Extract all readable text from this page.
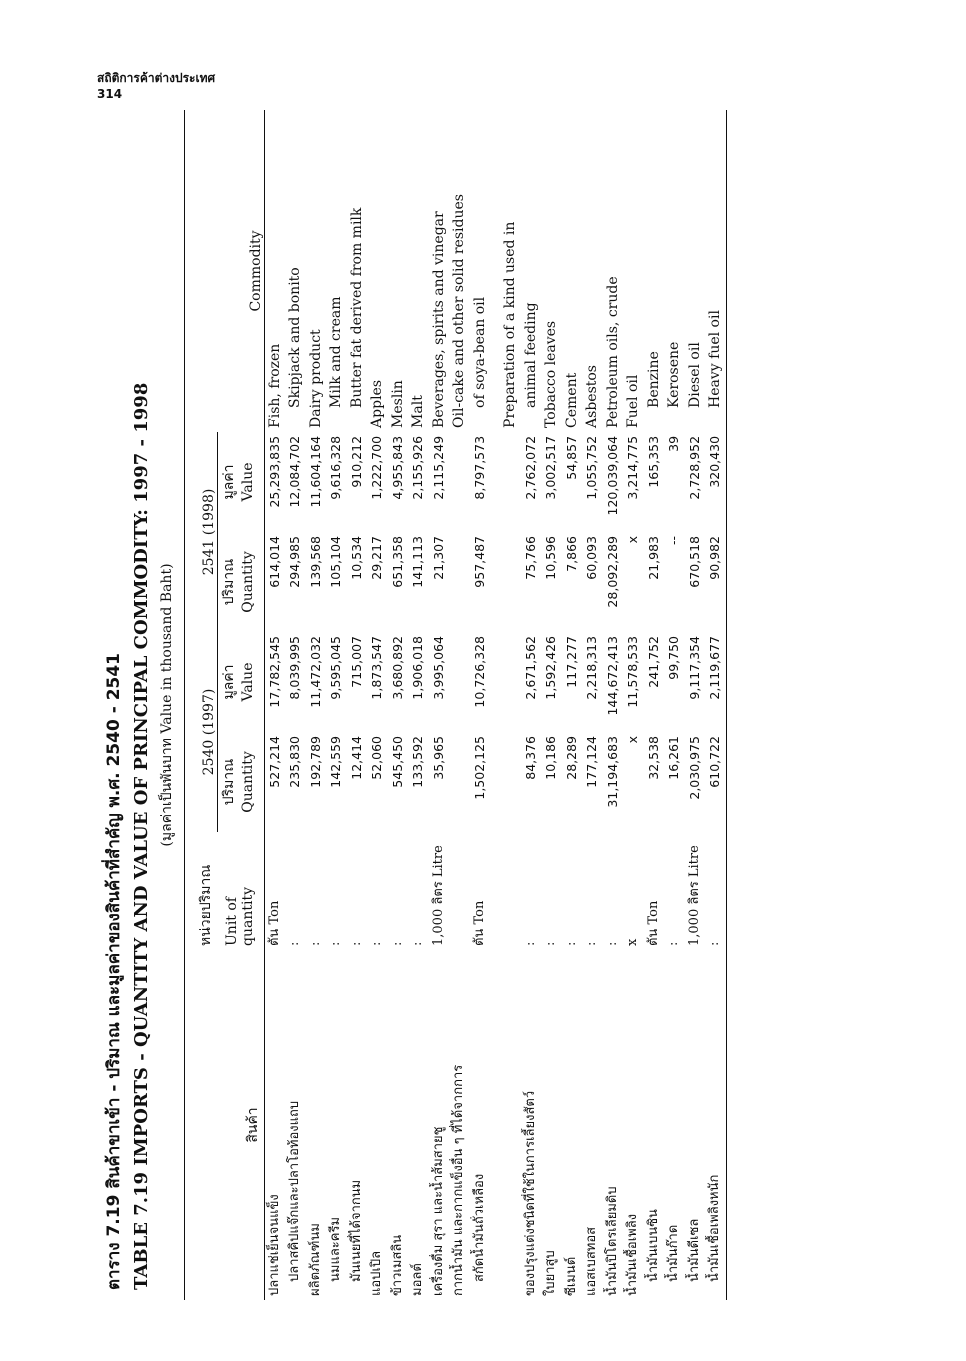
สถิติการค้าต่างประเทศ
314
ตาราง 7.19 สินค้าขาเข้า - ปริมาณ และมูลค่าของสินค้าที่สำคัญ พ.ศ. 2540 - 2541 TABLE 7.19 IMPORTS - QUANTITY AND VALUE OF PRINCIPAL COMMODITY: 1997 - 1998 (มูลค่าเป็นพันบาท Value in thousand Baht)
สินค้า	หน่วยปริมาณ	2540 (1997)		2541 (1998)		Commodity
	Unit of	ปริมาณ	มูลค่า	ปริมาณ	มูลค่า	
	quantity	Quantity	Value	Quantity	Value	

ปลาแช่เย็นจนแข็ง	ตัน Ton	527,214	17,782,545	614,014	25,293,835	Fish, frozen
ปลาสคิปแจ๊กและปลาโอท้องแถบ	:	235,830	8,039,995	294,985	12,084,702	Skipjack and bonito
ผลิตภัณฑ์นม	:	192,789	11,472,032	139,568	11,604,164	Dairy product
นมและครีม	:	142,559	9,595,045	105,104	9,616,328	Milk and cream
มันเนยที่ได้จากนม	:	12,414	715,007	10,534	910,212	Butter fat derived from milk
แอปเปิล	:	52,060	1,873,547	29,217	1,222,700	Apples
ข้าวเมสลิน	:	545,450	3,680,892	651,358	4,955,843	Meslin
มอลต์	:	133,592	1,906,018	141,113	2,155,926	Malt
เครื่องดื่ม สุรา และน้ำส้มสายชู	1,000 ลิตร Litre	35,965	3,995,064	21,307	2,115,249	Beverages, spirits and vinegar
กากน้ำมัน และกากแข็งอื่น ๆ ที่ได้จากการ						Oil-cake and other solid residues
สกัดน้ำมันถั่วเหลือง	ตัน Ton	1,502,125	10,726,328	957,487	8,797,573	of soya-bean oil

						Preparation of a kind used in
ของปรุงแต่งชนิดที่ใช้ในการเลี้ยงสัตว์	:	84,376	2,671,562	75,766	2,762,072	animal feeding
ใบยาสูบ	:	10,186	1,592,426	10,596	3,002,517	Tobacco leaves
ซีเมนต์	:	28,289	117,277	7,866	54,857	Cement
แอสเบสทอส	:	177,124	2,218,313	60,093	1,055,752	Asbestos
น้ำมันปิโตรเลียมดิบ	:	31,194,683	144,672,413	28,092,289	120,039,064	Petroleum oils, crude
น้ำมันเชื้อเพลิง	x	x	11,578,533	x	3,214,775	Fuel oil
น้ำมันเบนซิน	ตัน Ton	32,538	241,752	21,983	165,353	Benzine
น้ำมันก๊าด	:	16,261	99,750	--	39	Kerosene
น้ำมันดีเซล	1,000 ลิตร Litre	2,030,975	9,117,354	670,518	2,728,952	Diesel oil
น้ำมันเชื้อเพลิงหนัก	:	610,722	2,119,677	90,982	320,430	Heavy fuel oil
